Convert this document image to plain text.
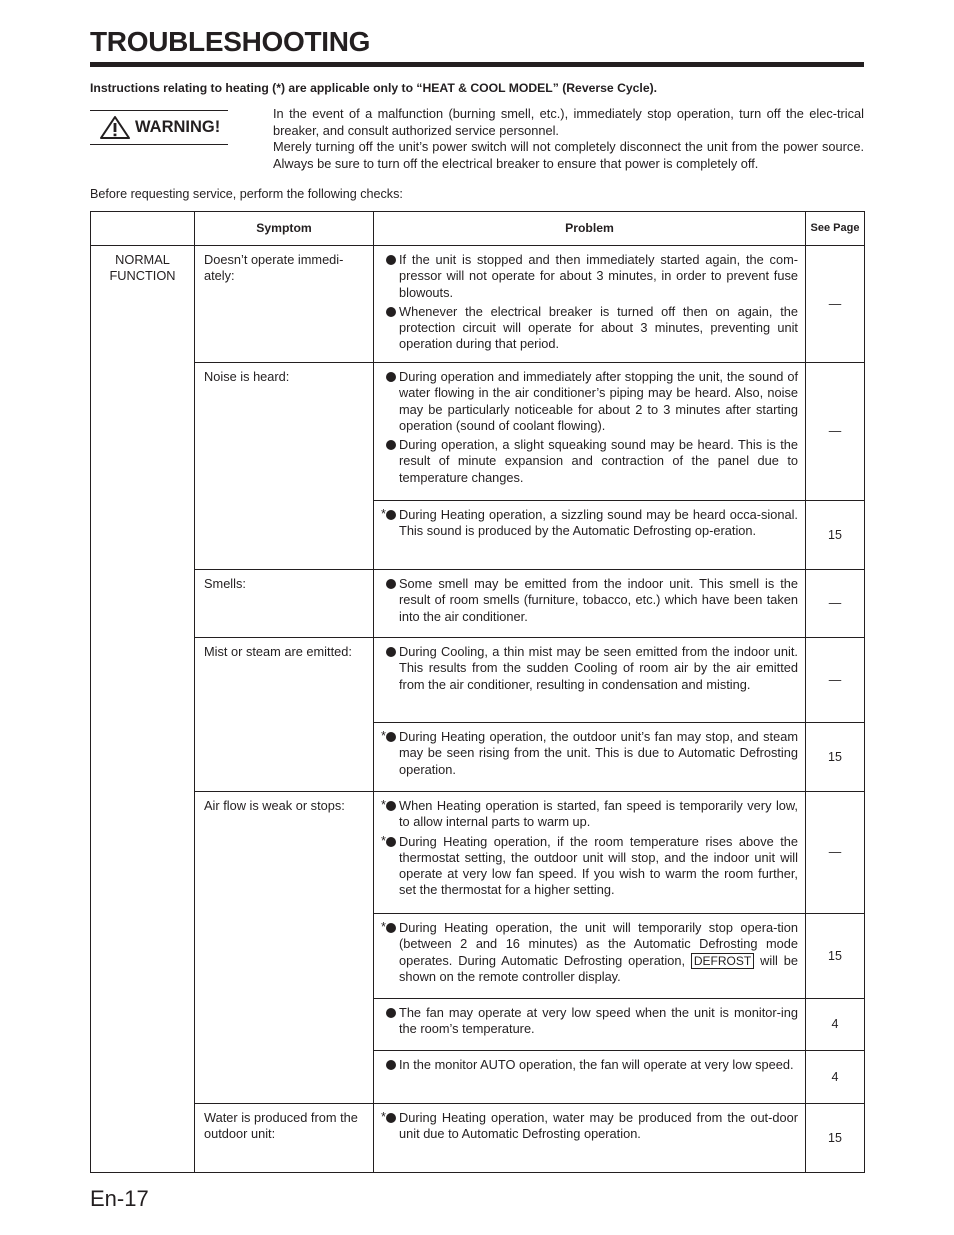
TROUBLESHOOTING
Instructions relating to heating (*) are applicable only to “HEAT & COOL MODEL” (Reverse Cycle).
WARNING!

In the event of a malfunction (burning smell, etc.), immediately stop operation, turn off the elec-trical breaker, and consult authorized service personnel.

Merely turning off the unit’s power switch will not completely disconnect the unit from the power source. Always be sure to turn off the electrical breaker to ensure that power is completely off.

Before requesting service, perform the following checks:
	Symptom	Problem	See Page
NORMAL FUNCTION	Doesn’t operate immedi-ately:	If the unit is stopped and then immediately started again, the com-pressor will not operate for about 3 minutes, in order to prevent fuse blowouts.
Whenever the electrical breaker is turned off then on again, the protection circuit will operate for about 3 minutes, preventing unit operation during that period.	—
	Noise is heard:	During operation and immediately after stopping the unit, the sound of water flowing in the air conditioner’s piping may be heard. Also, noise may be particularly noticeable for about 2 to 3 minutes after starting operation (sound of coolant flowing).
During operation, a slight squeaking sound may be heard. This is the result of minute expansion and contraction of the panel due to temperature changes.	—

		* During Heating operation, a sizzling sound may be heard occa-sional. This sound is produced by the Automatic Defrosting op-eration.	15
	Smells:	Some smell may be emitted from the indoor unit. This smell is the result of room smells (furniture, tobacco, etc.) which have been taken into the air conditioner.	—
	Mist or steam are emitted:	During Cooling, a thin mist may be seen emitted from the indoor unit. This results from the sudden Cooling of room air by the air emitted from the air conditioner, resulting in condensation and misting.	—

		* During Heating operation, the outdoor unit’s fan may stop, and steam may be seen rising from the unit. This is due to Automatic Defrosting operation.	15
	Air flow is weak or stops:	* When Heating operation is started, fan speed is temporarily very low, to allow internal parts to warm up.
* During Heating operation, if the room temperature rises above the thermostat setting, the outdoor unit will stop, and the indoor unit will operate at very low fan speed. If you wish to warm the room further, set the thermostat for a higher setting.	—

		* During Heating operation, the unit will temporarily stop opera-tion (between 2 and 16 minutes) as the Automatic Defrosting mode operates. During Automatic Defrosting operation, DEFROST will be shown on the remote controller display.	15

		The fan may operate at very low speed when the unit is monitor-ing the room’s temperature.	4

		In the monitor AUTO operation, the fan will operate at very low speed.	4
	Water is produced from the outdoor unit:	* During Heating operation, water may be produced from the out-door unit due to Automatic Defrosting operation.	15
En-17
